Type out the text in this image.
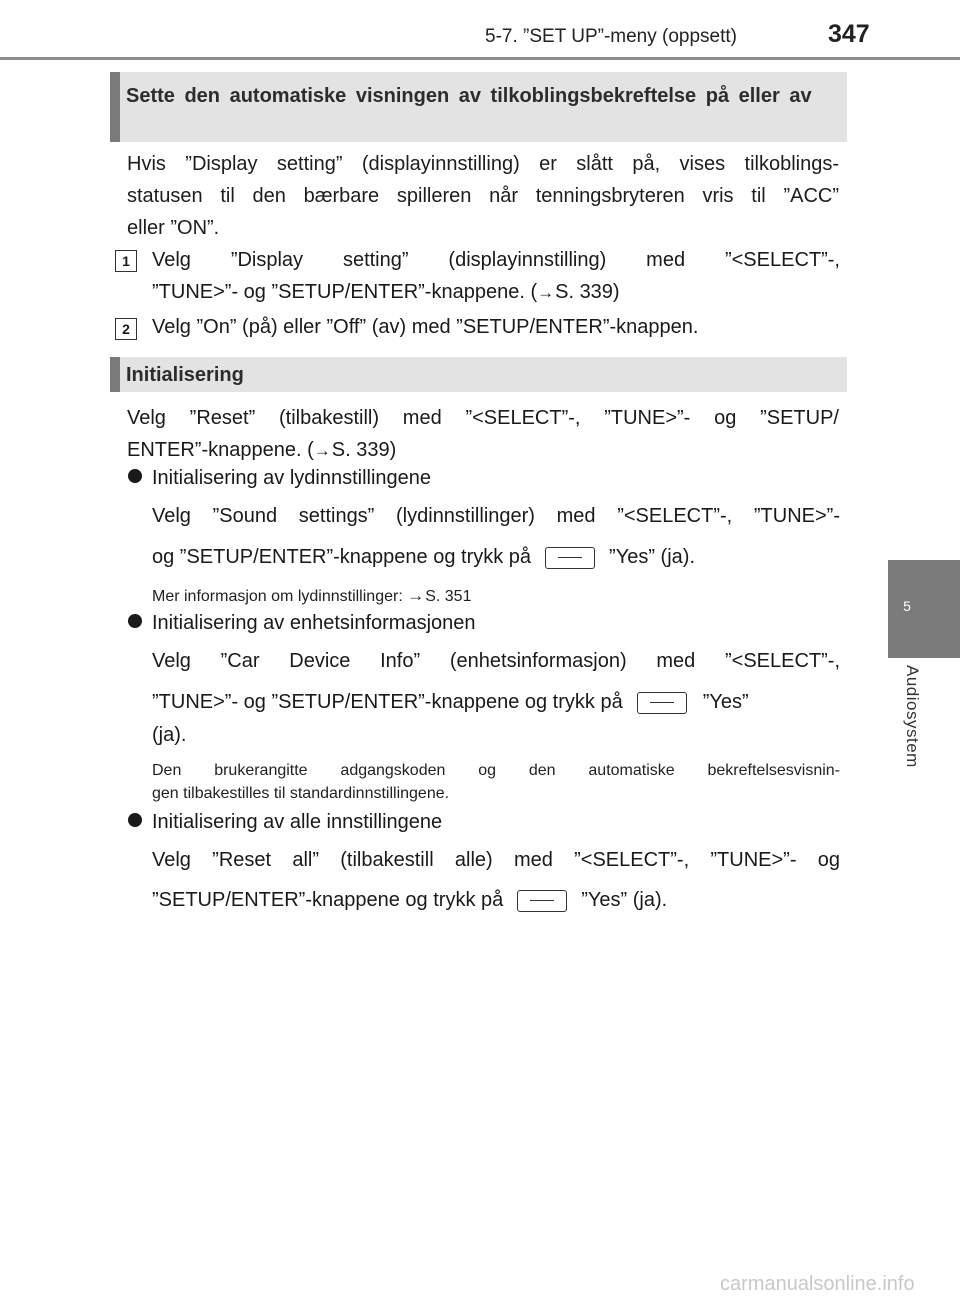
5-7. ”SET UP”-meny (oppsett)	347
5
Audiosystem
Sette den automatiske visningen av tilkoblingsbekreftelse på eller av
Hvis ”Display setting” (displayinnstilling) er slått på, vises tilkoblings-
statusen til den bærbare spilleren når tenningsbryteren vris til ”ACC”
eller ”ON”.
1	Velg ”Display setting” (displayinnstilling) med ”<SELECT”-,
”TUNE>”- og ”SETUP/ENTER”-knappene. (→S. 339)
2	Velg ”On” (på) eller ”Off” (av) med ”SETUP/ENTER”-knappen.
Initialisering
Velg ”Reset” (tilbakestill) med ”<SELECT”-, ”TUNE>”- og ”SETUP/
ENTER”-knappene. (→S. 339)
Initialisering av lydinnstillingene
Velg ”Sound settings” (lydinnstillinger) med ”<SELECT”-, ”TUNE>”-
og ”SETUP/ENTER”-knappene og trykk på	”Yes” (ja).
Mer informasjon om lydinnstillinger: →S. 351
Initialisering av enhetsinformasjonen
Velg ”Car Device Info” (enhetsinformasjon) med ”<SELECT”-,
”TUNE>”- og ”SETUP/ENTER”-knappene og trykk på	”Yes”
(ja).
Den brukerangitte adgangskoden og den automatiske bekreftelsesvisnin-
gen tilbakestilles til standardinnstillingene.
Initialisering av alle innstillingene
Velg ”Reset all” (tilbakestill alle) med ”<SELECT”-, ”TUNE>”- og
”SETUP/ENTER”-knappene og trykk på	”Yes” (ja).
carmanualsonline.info
